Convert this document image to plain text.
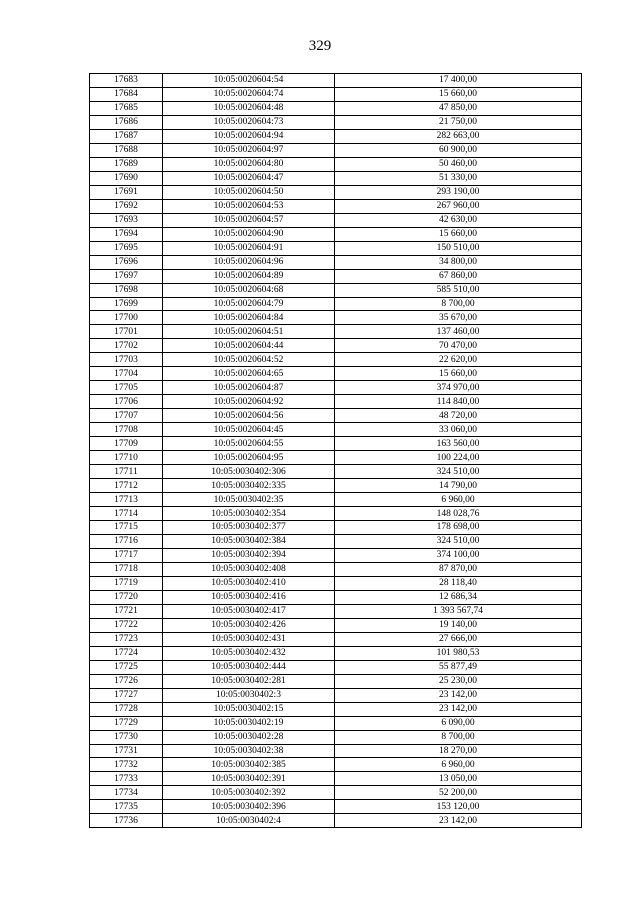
329
17683	10:05:0020604:54	17 400,00
17684	10:05:0020604:74	15 660,00
17685	10:05:0020604:48	47 850,00
17686	10:05:0020604:73	21 750,00
17687	10:05:0020604:94	282 663,00
17688	10:05:0020604:97	60 900,00
17689	10:05:0020604:80	50 460,00
17690	10:05:0020604:47	51 330,00
17691	10:05:0020604:50	293 190,00
17692	10:05:0020604:53	267 960,00
17693	10:05:0020604:57	42 630,00
17694	10:05:0020604:90	15 660,00
17695	10:05:0020604:91	150 510,00
17696	10:05:0020604:96	34 800,00
17697	10:05:0020604:89	67 860,00
17698	10:05:0020604:68	585 510,00
17699	10:05:0020604:79	8 700,00
17700	10:05:0020604:84	35 670,00
17701	10:05:0020604:51	137 460,00
17702	10:05:0020604:44	70 470,00
17703	10:05:0020604:52	22 620,00
17704	10:05:0020604:65	15 660,00
17705	10:05:0020604:87	374 970,00
17706	10:05:0020604:92	114 840,00
17707	10:05:0020604:56	48 720,00
17708	10:05:0020604:45	33 060,00
17709	10:05:0020604:55	163 560,00
17710	10:05:0020604:95	100 224,00
17711	10:05:0030402:306	324 510,00
17712	10:05:0030402:335	14 790,00
17713	10:05:0030402:35	6 960,00
17714	10:05:0030402:354	148 028,76
17715	10:05:0030402:377	178 698,00
17716	10:05:0030402:384	324 510,00
17717	10:05:0030402:394	374 100,00
17718	10:05:0030402:408	87 870,00
17719	10:05:0030402:410	28 118,40
17720	10:05:0030402:416	12 686,34
17721	10:05:0030402:417	1 393 567,74
17722	10:05:0030402:426	19 140,00
17723	10:05:0030402:431	27 666,00
17724	10:05:0030402:432	101 980,53
17725	10:05:0030402:444	55 877,49
17726	10:05:0030402:281	25 230,00
17727	10:05:0030402:3	23 142,00
17728	10:05:0030402:15	23 142,00
17729	10:05:0030402:19	6 090,00
17730	10:05:0030402:28	8 700,00
17731	10:05:0030402:38	18 270,00
17732	10:05:0030402:385	6 960,00
17733	10:05:0030402:391	13 050,00
17734	10:05:0030402:392	52 200,00
17735	10:05:0030402:396	153 120,00
17736	10:05:0030402:4	23 142,00
